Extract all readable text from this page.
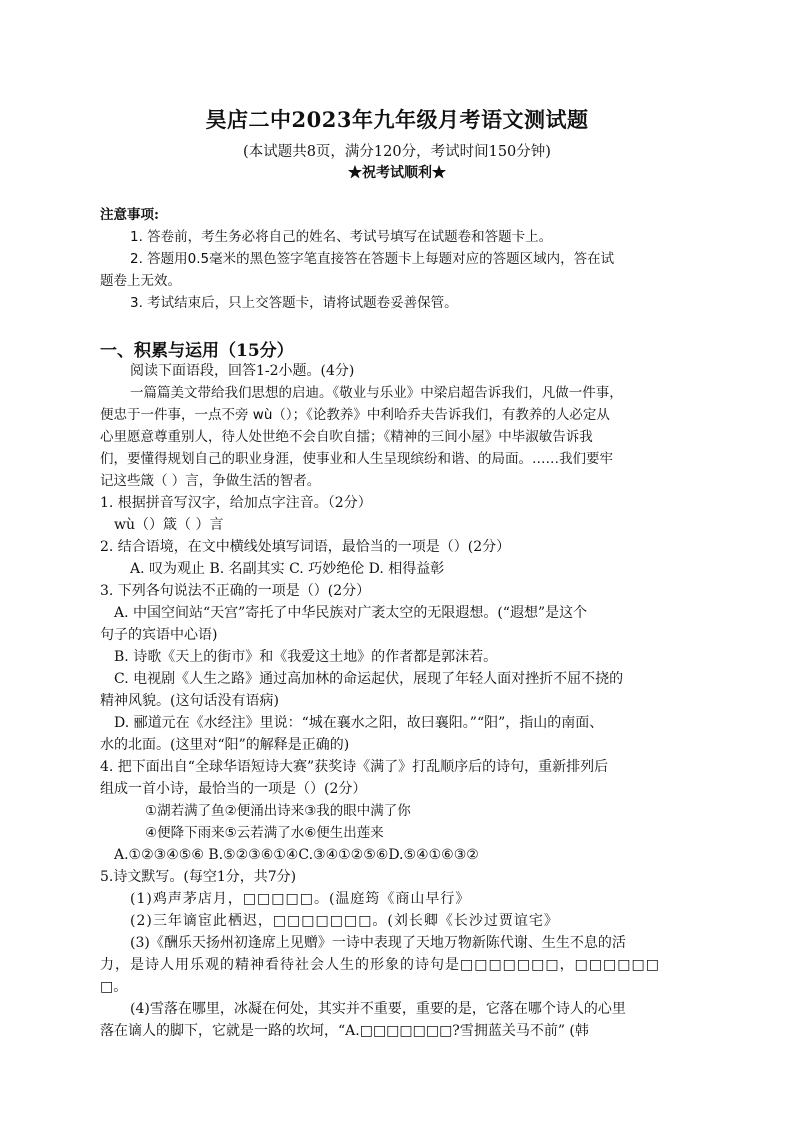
昊店二中2023年九年级月考语文测试题
(本试题共8页，满分120分，考试时间150分钟)
★祝考试顺利★
注意事项:
1. 答卷前，考生务必将自己的姓名、考试号填写在试题卷和答题卡上。
2. 答题用0.5毫米的黑色签字笔直接答在答题卡上每题对应的答题区域内，答在试
题卷上无效。
3. 考试结束后，只上交答题卡，请将试题卷妥善保管。
一、积累与运用（15分）
阅读下面语段，回答1-2小题。(4分)
一篇篇美文带给我们思想的启迪。《敬业与乐业》中梁启超告诉我们，凡做一件事，
便忠于一件事，一点不旁 wù（）；《论教养》中利哈乔夫告诉我们，有教养的人必定从
心里愿意尊重别人，待人处世绝不会自吹自擂；《精神的三间小屋》中毕淑敏告诉我
们，要懂得规划自己的职业身涯，使事业和人生呈现缤纷和谐、的局面。……我们要牢
记这些箴（ ）言，争做生活的智者。
1. 根据拼音写汉字，给加点字注音。（2分）
wù（）箴（ ）言
2. 结合语境，在文中横线处填写词语，最恰当的一项是（）(2分）
A. 叹为观止 B. 名副其实 C. 巧妙绝伦 D. 相得益彰
3. 下列各句说法不正确的一项是（）(2分）
A. 中国空间站“天宫”寄托了中华民族对广袤太空的无限遐想。(“遐想”是这个
句子的宾语中心语)
B. 诗歌《天上的街市》和《我爱这土地》的作者都是郭沫若。
C. 电视剧《人生之路》通过高加林的命运起伏，展现了年轻人面对挫折不屈不挠的
精神风貌。(这句话没有语病)
D. 郦道元在《水经注》里说：“城在襄水之阳，故曰襄阳。”“阳”，指山的南面、
水的北面。(这里对“阳”的解释是正确的)
4. 把下面出自“全球华语短诗大赛”获奖诗《满了》打乱顺序后的诗句，重新排列后
组成一首小诗，最恰当的一项是（）(2分）
①湖若满了鱼②便涌出诗来③我的眼中满了你
④便降下雨来⑤云若满了水⑥便生出莲来
A.①②③④⑤⑥ B.⑤②③⑥①④C.③④①②⑤⑥D.⑤④①⑥③②
5.诗文默写。(每空1分，共7分)
(1)鸡声茅店月，□□□□□。(温庭筠《商山早行》
(2)三年谪宦此栖迟，□□□□□□□。(刘长卿《长沙过贾谊宅》
(3)《酬乐天扬州初逢席上见赠》一诗中表现了天地万物新陈代谢、生生不息的活
力，是诗人用乐观的精神看待社会人生的形象的诗句是□□□□□□□，□□□□□□
□。
(4)雪落在哪里，冰凝在何处，其实并不重要，重要的是，它落在哪个诗人的心里
落在谪人的脚下，它就是一路的坎坷，“A.□□□□□□□?雪拥蓝关马不前” (韩
